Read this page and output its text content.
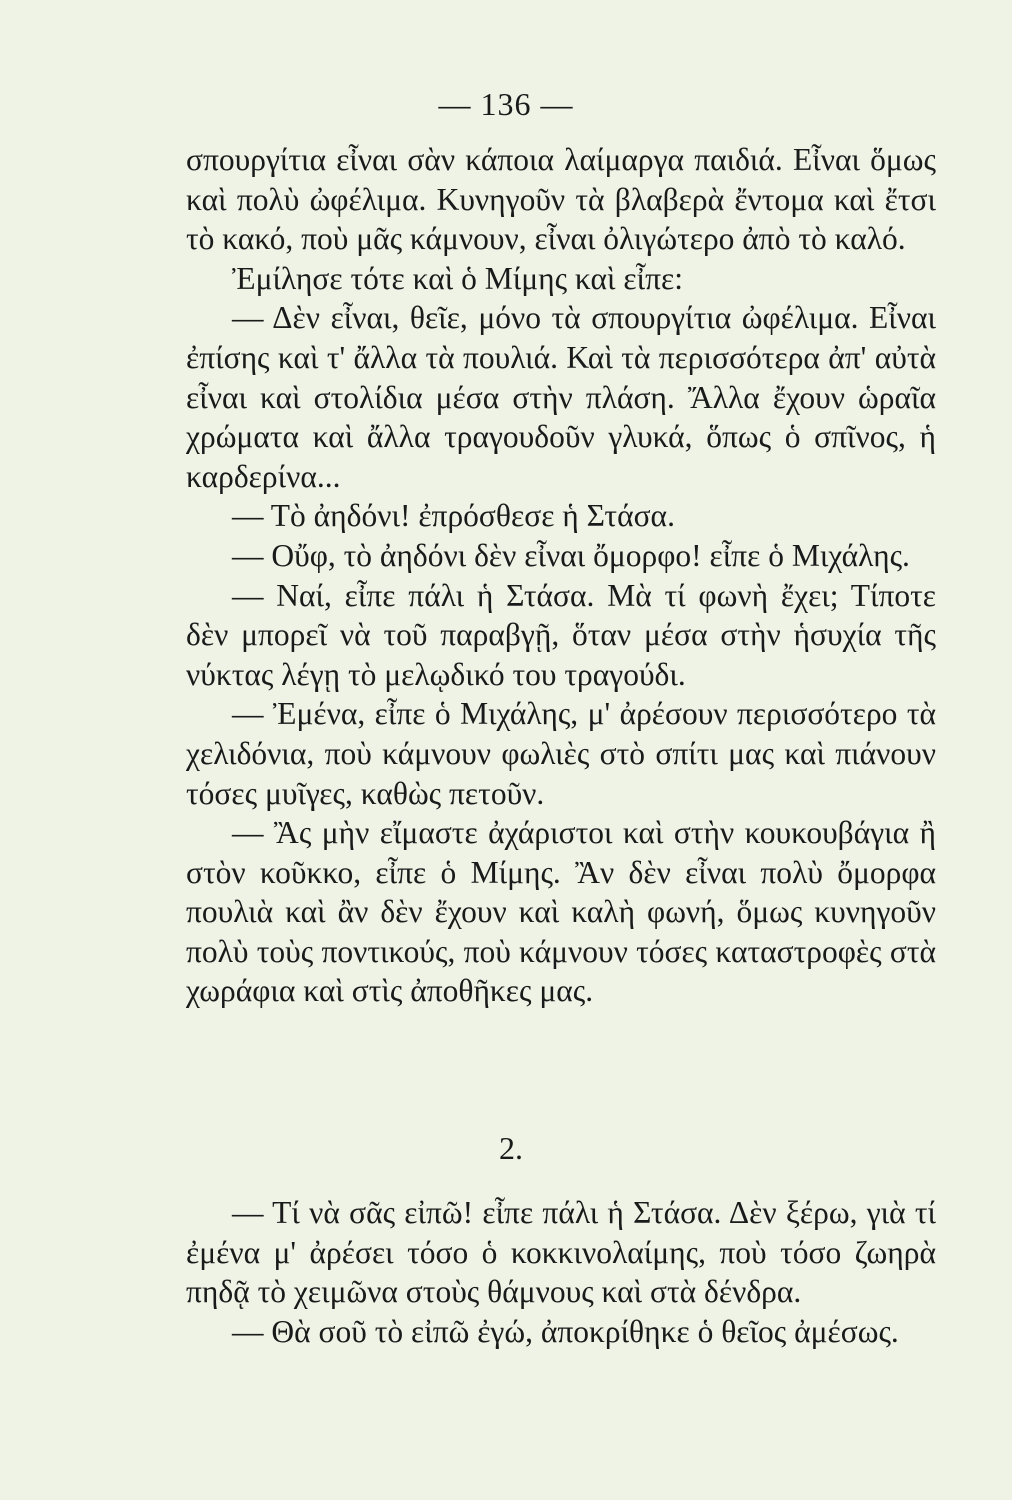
— 136 —

σπουργίτια εἶναι σὰν κάποια λαίμαργα παιδιά. Εἶναι ὅμως καὶ πολὺ ὠφέλιμα. Κυνηγοῦν τὰ βλαβερὰ ἔντομα καὶ ἔτσι τὸ κακό, ποὺ μᾶς κάμνουν, εἶναι ὀλιγώτερο ἀπὸ τὸ καλό.

Ἐμίλησε τότε καὶ ὁ Μίμης καὶ εἶπε:

— Δὲν εἶναι, θεῖε, μόνο τὰ σπουργίτια ὠφέλιμα. Εἶναι ἐπίσης καὶ τ' ἄλλα τὰ πουλιά. Καὶ τὰ περισσότερα ἀπ' αὐτὰ εἶναι καὶ στολίδια μέσα στὴν πλάση. Ἄλλα ἔχουν ὡραῖα χρώματα καὶ ἄλλα τραγουδοῦν γλυκά, ὅπως ὁ σπῖνος, ἡ καρδερίνα...

— Τὸ ἀηδόνι! ἐπρόσθεσε ἡ Στάσα.

— Οὔφ, τὸ ἀηδόνι δὲν εἶναι ὄμορφο! εἶπε ὁ Μιχάλης.

— Ναί, εἶπε πάλι ἡ Στάσα. Μὰ τί φωνὴ ἔχει; Τίποτε δὲν μπορεῖ νὰ τοῦ παραβγῇ, ὅταν μέσα στὴν ἡσυχία τῆς νύκτας λέγῃ τὸ μελῳδικό του τραγούδι.

— Ἐμένα, εἶπε ὁ Μιχάλης, μ' ἀρέσουν περισσότερο τὰ χελιδόνια, ποὺ κάμνουν φωλιὲς στὸ σπίτι μας καὶ πιάνουν τόσες μυῖγες, καθὼς πετοῦν.

— Ἂς μὴν εἴμαστε ἀχάριστοι καὶ στὴν κουκουβάγια ἢ στὸν κοῦκκο, εἶπε ὁ Μίμης. Ἂν δὲν εἶναι πολὺ ὄμορφα πουλιὰ καὶ ἂν δὲν ἔχουν καὶ καλὴ φωνή, ὅμως κυνηγοῦν πολὺ τοὺς ποντικούς, ποὺ κάμνουν τόσες καταστροφὲς στὰ χωράφια καὶ στὶς ἀποθῆκες μας.

2.

— Τί νὰ σᾶς εἰπῶ! εἶπε πάλι ἡ Στάσα. Δὲν ξέρω, γιὰ τί ἐμένα μ' ἀρέσει τόσο ὁ κοκκινολαίμης, ποὺ τόσο ζωηρὰ πηδᾷ τὸ χειμῶνα στοὺς θάμνους καὶ στὰ δένδρα.

— Θὰ σοῦ τὸ εἰπῶ ἐγώ, ἀποκρίθηκε ὁ θεῖος ἀμέσως.
